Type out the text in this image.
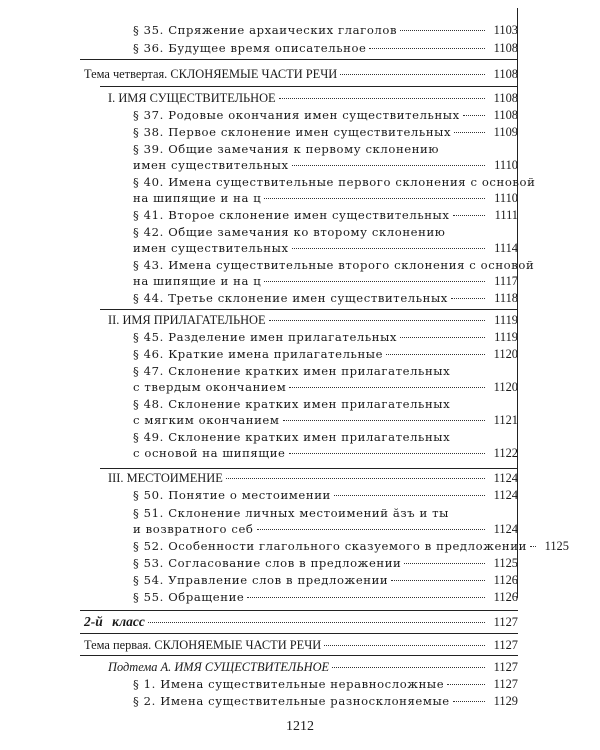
§ 35. Спряжение архаических глаголов	1103
§ 36. Будущее время описательное	1108
Тема четвертая. СКЛОНЯЕМЫЕ ЧАСТИ РЕЧИ	1108
I. ИМЯ СУЩЕСТВИТЕЛЬНОЕ	1108
§ 37. Родовые окончания имен существительных	1108
§ 38. Первое склонение имен существительных	1109
§ 39. Общие замечания к первому склонению
имен существительных	1110
§ 40. Имена существительные первого склонения с основой
на шипящие и на ц	1110
§ 41. Второе склонение имен существительных	1111
§ 42. Общие замечания ко второму склонению
имен существительных	1114
§ 43. Имена существительные второго склонения с основой
на шипящие и на ц	1117
§ 44. Третье склонение имен существительных	1118
II. ИМЯ ПРИЛАГАТЕЛЬНОЕ	1119
§ 45. Разделение имен прилагательных	1119
§ 46. Краткие имена прилагательные	1120
§ 47. Склонение кратких имен прилагательных
с твердым окончанием	1120
§ 48. Склонение кратких имен прилагательных
с мягким окончанием	1121
§ 49. Склонение кратких имен прилагательных
с основой на шипящие	1122
III. МЕСТОИМЕНИЕ	1124
§ 50. Понятие о местоимении	1124
§ 51. Склонение личных местоимений ӑзъ и ты
и возвратного себ	1124
§ 52. Особенности глагольного сказуемого в предложении	1125
§ 53. Согласование слов в предложении	1125
§ 54. Управление слов в предложении	1126
§ 55. Обращение	1126
2-й класс	1127
Тема первая. СКЛОНЯЕМЫЕ ЧАСТИ РЕЧИ	1127
Подтема А. ИМЯ СУЩЕСТВИТЕЛЬНОЕ	1127
§ 1. Имена существительные неравносложные	1127
§ 2. Имена существительные разносклоняемые	1129
1212
